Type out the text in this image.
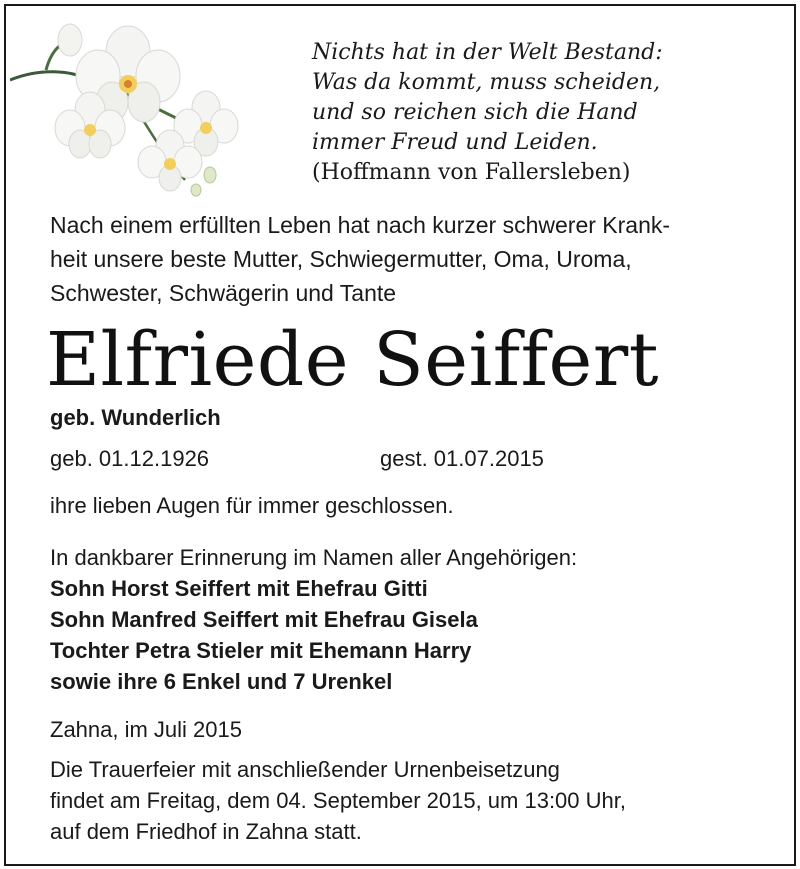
Nichts hat in der Welt Bestand:
Was da kommt, muss scheiden,
und so reichen sich die Hand
immer Freud und Leiden.
(Hoffmann von Fallersleben)
Nach einem erfüllten Leben hat nach kurzer schwerer Krank-
heit unsere beste Mutter, Schwiegermutter, Oma, Uroma,
Schwester, Schwägerin und Tante
Elfriede Seiffert
geb. Wunderlich
geb. 01.12.1926	gest. 01.07.2015
ihre lieben Augen für immer geschlossen.
In dankbarer Erinnerung im Namen aller Angehörigen:
Sohn Horst Seiffert mit Ehefrau Gitti
Sohn Manfred Seiffert mit Ehefrau Gisela
Tochter Petra Stieler mit Ehemann Harry
sowie ihre 6 Enkel und 7 Urenkel
Zahna, im Juli 2015
Die Trauerfeier mit anschließender Urnenbeisetzung
findet am Freitag, dem 04. September 2015, um 13:00 Uhr,
auf dem Friedhof in Zahna statt.
